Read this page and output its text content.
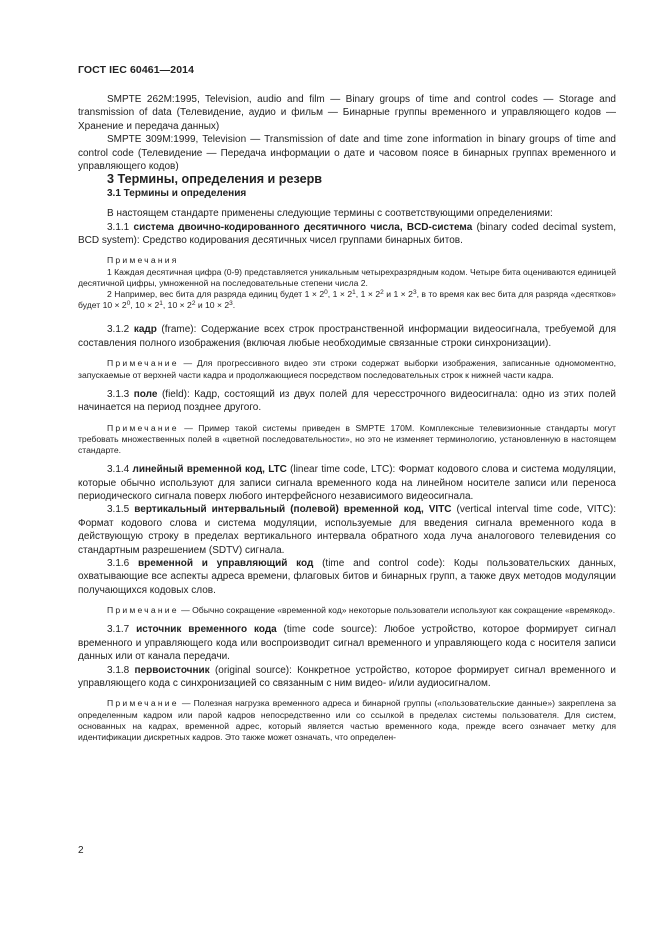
ГОСТ IEC 60461—2014

SMPTE 262M:1995, Television, audio and film — Binary groups of time and control codes — Storage and transmission of data (Телевидение, аудио и фильм — Бинарные группы временного и управляющего кодов — Хранение и передача данных)

SMPTE 309M:1999, Television — Transmission of date and time zone information in binary groups of time and control code (Телевидение — Передача информации о дате и часовом поясе в бинарных группах временного и управляющего кодов)

3 Термины, определения и резерв

3.1 Термины и определения

В настоящем стандарте применены следующие термины с соответствующими определениями:

3.1.1 система двоично-кодированного десятичного числа, BCD-система (binary coded decimal system, BCD system): Средство кодирования десятичных чисел группами бинарных битов.

Примечания

1 Каждая десятичная цифра (0-9) представляется уникальным четырехразрядным кодом. Четыре бита оцениваются единицей десятичной цифры, умноженной на последовательные степени числа 2.

2 Например, вес бита для разряда единиц будет $1 \times 2^0$, $1 \times 2^1$, $1 \times 2^2$ и $1 \times 2^3$, в то время как вес бита для разряда «десятков» будет $10 \times 2^0$, $10 \times 2^1$, $10 \times 2^2$ и $10 \times 2^3$.

3.1.2 кадр (frame): Содержание всех строк пространственной информации видеосигнала, требуемой для составления полного изображения (включая любые необходимые связанные строки синхронизации).

Примечание — Для прогрессивного видео эти строки содержат выборки изображения, записанные одномоментно, запускаемые от верхней части кадра и продолжающиеся посредством последовательных строк к нижней части кадра.

3.1.3 поле (field): Кадр, состоящий из двух полей для чересстрочного видеосигнала: одно из этих полей начинается на период позднее другого.

Примечание — Пример такой системы приведен в SMPTE 170M. Комплексные телевизионные стандарты могут требовать множественных полей в «цветной последовательности», но это не изменяет терминологию, установленную в настоящем стандарте.

3.1.4 линейный временной код, LTC (linear time code, LTC): Формат кодового слова и система модуляции, которые обычно используют для записи сигнала временного кода на линейном носителе записи или переноса периодического сигнала поверх любого интерфейсного независимого видеосигнала.

3.1.5 вертикальный интервальный (полевой) временной код, VITC (vertical interval time code, VITC): Формат кодового слова и система модуляции, используемые для введения сигнала временного кода в действующую строку в пределах вертикального интервала обратного хода луча аналогового телевидения со стандартным разрешением (SDTV) сигнала.

3.1.6 временной и управляющий код (time and control code): Коды пользовательских данных, охватывающие все аспекты адреса времени, флаговых битов и бинарных групп, а также двух методов модуляции получающихся кодовых слов.

Примечание — Обычно сокращение «временной код» некоторые пользователи используют как сокращение «времякод».

3.1.7 источник временного кода (time code source): Любое устройство, которое формирует сигнал временного и управляющего кода или воспроизводит сигнал временного и управляющего кода с носителя записи данных или от канала передачи.

3.1.8 первоисточник (original source): Конкретное устройство, которое формирует сигнал временного и управляющего кода с синхронизацией со связанным с ним видео- и/или аудиосигналом.

Примечание — Полезная нагрузка временного адреса и бинарной группы («пользовательские данные») закреплена за определенным кадром или парой кадров непосредственно или со ссылкой в пределах системы пользователя. Для систем, основанных на кадрах, временной адрес, который является частью временного кода, прежде всего означает метку для идентификации дискретных кадров. Это также может означать, что определен-

2
